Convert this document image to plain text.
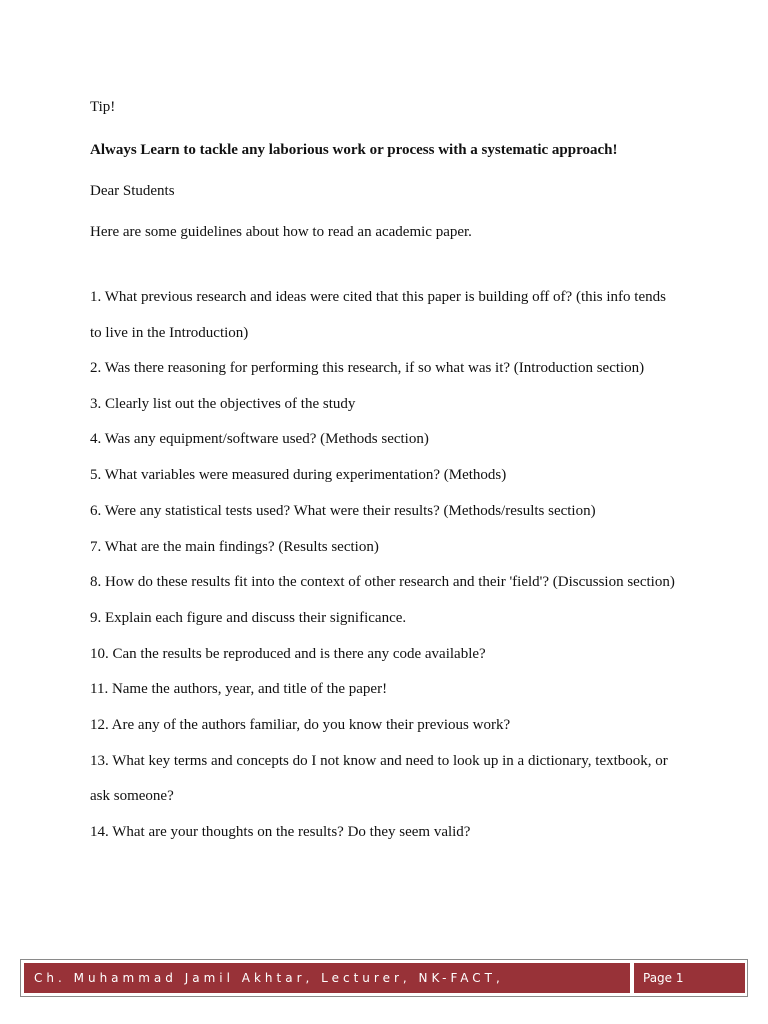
Tip!
Always Learn to tackle any laborious work or process with a systematic approach!
Dear Students
Here are some guidelines about how to read an academic paper.
1. What previous research and ideas were cited that this paper is building off of? (this info tends
to live in the Introduction)
2. Was there reasoning for performing this research, if so what was it? (Introduction section)
3. Clearly list out the objectives of the study
4. Was any equipment/software used? (Methods section)
5. What variables were measured during experimentation? (Methods)
6. Were any statistical tests used? What were their results? (Methods/results section)
7. What are the main findings? (Results section)
8. How do these results fit into the context of other research and their 'field'? (Discussion section)
9. Explain each figure and discuss their significance.
10. Can the results be reproduced and is there any code available?
11. Name the authors, year, and title of the paper!
12. Are any of the authors familiar, do you know their previous work?
13. What key terms and concepts do I not know and need to look up in a dictionary, textbook, or
ask someone?
14. What are your thoughts on the results? Do they seem valid?
Ch. Muhammad Jamil Akhtar, Lecturer, NK-FACT,	Page 1
